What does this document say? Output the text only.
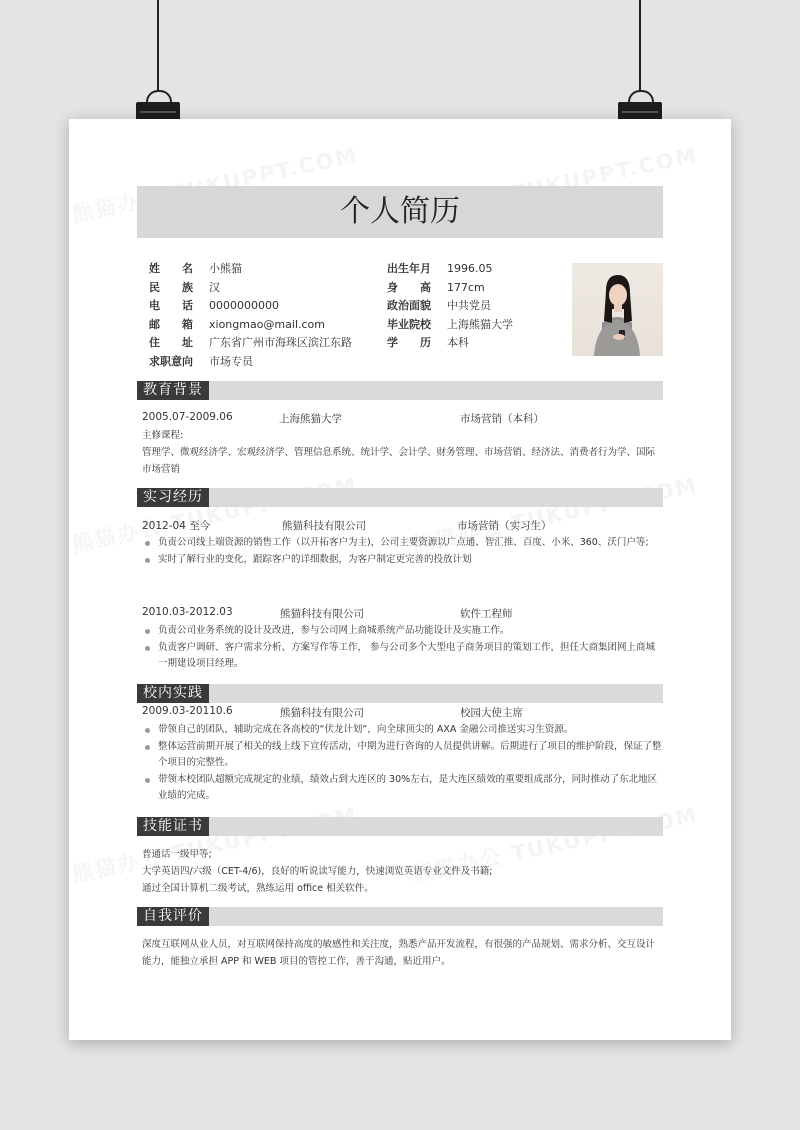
个人简历
姓　　名	小熊猫
民　　族	汉
电　　话	0000000000
邮　　箱	xiongmao@mail.com
住　　址	广东省广州市海珠区滨江东路
求职意向	市场专员
出生年月	1996.05
身　　高	177cm
政治面貌	中共党员
毕业院校	上海熊猫大学
学　　历	本科
教育背景
2005.07-2009.06	上海熊猫大学	市场营销（本科）
主修课程:
管理学、微观经济学、宏观经济学、管理信息系统、统计学、会计学、财务管理、市场营销、经济法、消费者行为学、国际市场营销
实习经历
2012-04 至今	熊猫科技有限公司	市场营销（实习生）
负责公司线上端资源的销售工作（以开拓客户为主)，公司主要资源以广点通、智汇推、百度、小米、360、沃门户等;
实时了解行业的变化，跟踪客户的详细数据，为客户制定更完善的投放计划
2010.03-2012.03	熊猫科技有限公司	软件工程师
负责公司业务系统的设计及改进，参与公司网上商城系统产品功能设计及实施工作。
负责客户调研、客户需求分析、方案写作等工作， 参与公司多个大型电子商务项目的策划工作，担任大商集团网上商城一期建设项目经理。
校内实践
2009.03-20110.6	熊猫科技有限公司	校园大使主席
带领自己的团队，辅助完成在各高校的“伏龙计划”，向全球顶尖的 AXA 金融公司推送实习生资源。
整体运营前期开展了相关的线上线下宣传活动，中期为进行咨询的人员提供讲解。后期进行了项目的维护阶段，保证了整个项目的完整性。
带领本校团队超额完成规定的业绩，绩效占到大连区的 30%左右，是大连区绩效的重要组成部分，同时推动了东北地区业绩的完成。
技能证书
普通话一级甲等;
大学英语四/六级（CET-4/6)，良好的听说读写能力，快速浏览英语专业文件及书籍;
通过全国计算机二级考试，熟练运用 office 相关软件。
自我评价
深度互联网从业人员，对互联网保持高度的敏感性和关注度，熟悉产品开发流程，有很强的产品规划、需求分析、交互设计能力，能独立承担 APP 和 WEB 项目的管控工作，善于沟通，贴近用户。
